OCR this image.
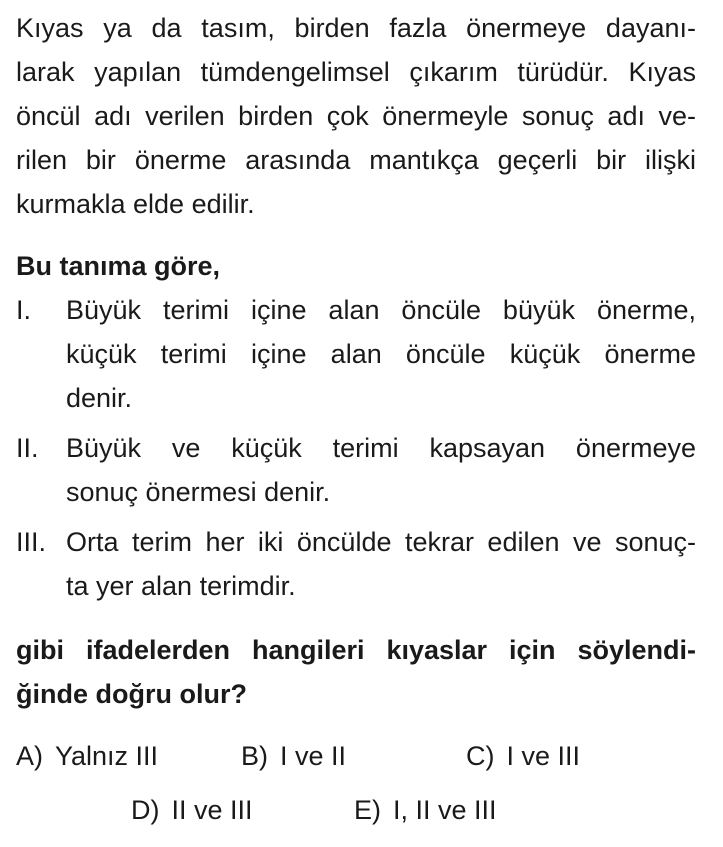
Kıyas ya da tasım, birden fazla önermeye dayanı-
larak yapılan tümdengelimsel çıkarım türüdür. Kıyas
öncül adı verilen birden çok önermeyle sonuç adı ve-
rilen bir önerme arasında mantıkça geçerli bir ilişki
kurmakla elde edilir.
Bu tanıma göre,
I. Büyük terimi içine alan öncüle büyük önerme,
küçük terimi içine alan öncüle küçük önerme
denir.
II. Büyük ve küçük terimi kapsayan önermeye
sonuç önermesi denir.
III. Orta terim her iki öncülde tekrar edilen ve sonuç-
ta yer alan terimdir.
gibi ifadelerden hangileri kıyaslar için söylendi-
ğinde doğru olur?
A) Yalnız III	B) I ve II	C) I ve III
D) II ve III	E) I, II ve III
